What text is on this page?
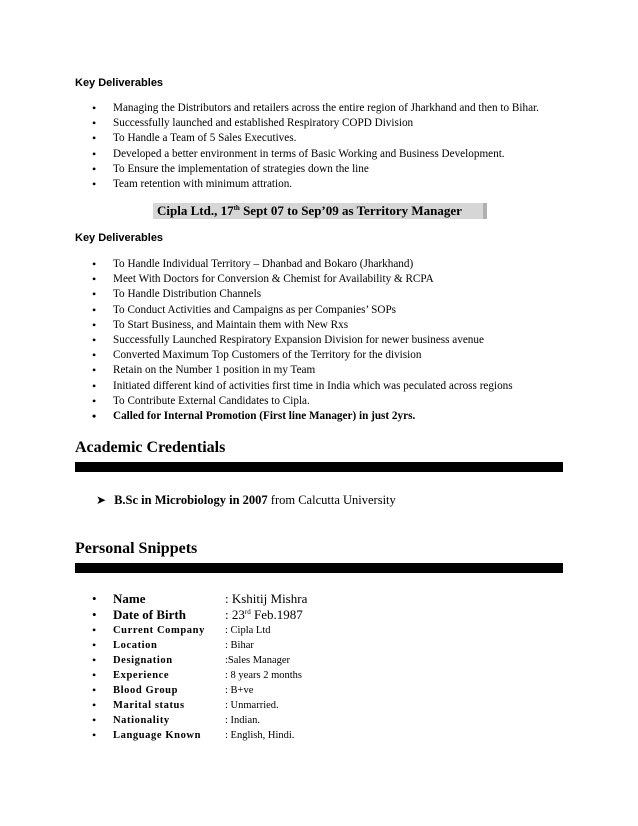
Key Deliverables
• Managing the Distributors and retailers across the entire region of Jharkhand and then to Bihar.
• Successfully launched and established Respiratory COPD Division
• To Handle a Team of 5 Sales Executives.
• Developed a better environment in terms of Basic Working and Business Development.
• To Ensure the implementation of strategies down the line
• Team retention with minimum attration.
Cipla Ltd., 17th Sept 07 to Sep’09 as Territory Manager
Key Deliverables
• To Handle Individual Territory – Dhanbad and Bokaro (Jharkhand)
• Meet With Doctors for Conversion & Chemist for Availability & RCPA
• To Handle Distribution Channels
• To Conduct Activities and Campaigns as per Companies’ SOPs
• To Start Business, and Maintain them with New Rxs
• Successfully Launched Respiratory Expansion Division for newer business avenue
• Converted Maximum Top Customers of the Territory for the division
• Retain on the Number 1 position in my Team
• Initiated different kind of activities first time in India which was peculated across regions
• To Contribute External Candidates to Cipla.
• Called for Internal Promotion (First line Manager) in just 2yrs.
Academic Credentials
➤ B.Sc in Microbiology in 2007 from Calcutta University
Personal Snippets
• Name	: Kshitij Mishra
• Date of Birth	: 23rd Feb.1987
• Current Company : Cipla Ltd
• Location	: Bihar
• Designation	:Sales Manager
• Experience	: 8 years 2 months
• Blood Group	: B+ve
• Marital status	: Unmarried.
• Nationality	: Indian.
• Language Known : English, Hindi.
